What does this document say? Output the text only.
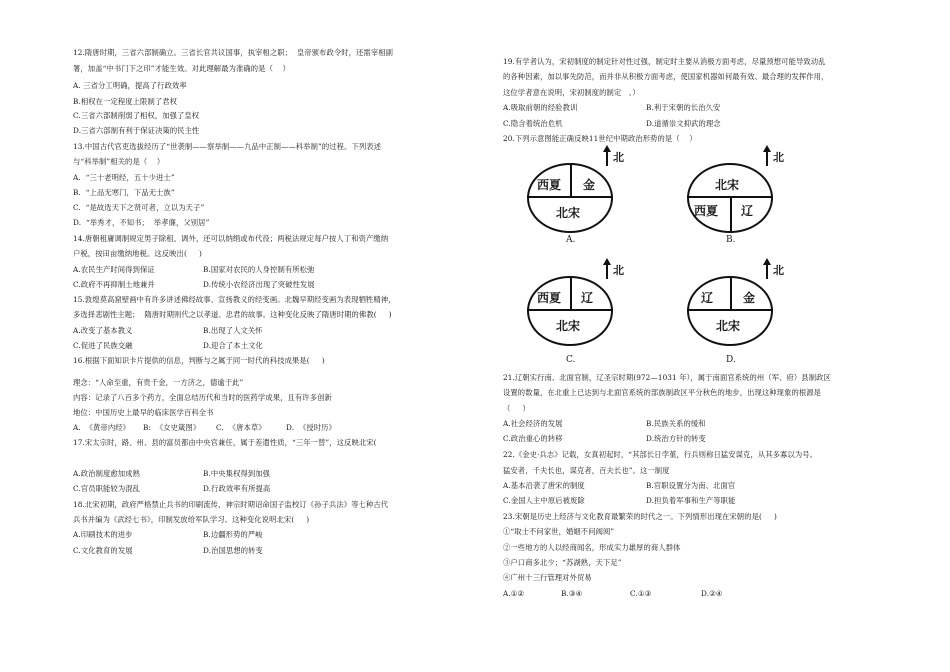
12.隋唐时期，三省六部制确立。三省长官共议国事，执宰相之职；  皇帝颁布政令时，还需宰相副
署，加盖“中书门下之印”才能生效。对此理解最为准确的是（    ）
A. 三省分工明确，提高了行政效率
B.相权在一定程度上限制了君权
C.三省六部制削弱了相权，加强了皇权
D.三省六部制有利于保证决策的民主性
13.中国古代官吏选拔经历了“世袭制——察举制——九品中正制——科举制”的过程。下列表述
与“科举制”相关的是（    ）
A.  “三十老明经，五十少进士”
B.  “上品无寒门，下品无士族”
C.  “是故选天下之贤可者，立以为天子”
D.  “举秀才，不知书；  举孝廉，父别居”
14.唐朝租庸调制规定男子除租、调外，还可以纳绢或布代役；两税法规定每户按人丁和资产缴纳
户税，按田亩缴纳地税。这反映出(     )
A.农民生产时间得到保证	B.国家对农民的人身控制有所松弛
C.政府不再抑制土地兼并	D.传统小农经济出现了突破性发展
15.敦煌莫高窟壁画中有许多讲述佛经故事、宣扬教义的经变画。北魏早期经变画为表现牺牲精神，
多选择悲剧性主题；  隋唐时期则代之以孝道、忠君的故事。这种变化反映了隋唐时期的佛教(     )
A.改变了基本教义	B.出现了人文关怀
C.促进了民族交融	D.迎合了本土文化
16.根据下面知识卡片提供的信息，判断与之属于同一时代的科技成果是(     )
理念：“人命至重，有贵千金，一方济之，德逾于此”
内容：记录了八百多个药方，全面总结历代和当时的医药学成果，且有许多创新
地位：中国历史上最早的临床医学百科全书
A.  《黄帝内经》 B:  《女史箴图》 C.  《唐本草》	D.  《授时历》
17.宋太宗时，路、州、县的富员都由中央官兼任，属于差遣性质，“三年一替”，这反映北宋(
A.政治制度愈加成熟	B.中央集权得到加强
C.官员职能较为混乱	D.行政效率有所提高
18.北宋初期，政府严格禁止兵书的印刷流传，神宗时期诏命国子监校订《孙子兵法》等七种古代
兵书并编为《武经七书》，印制发放给军队学习。这种变化说明北宋(     )
A.印刷技术的进步	B.边疆形势的严峻
C.文化教育的发展	D.治国思想的转变
19.有学者认为，宋初制度的制定针对性过强，制定时主要从消极方面考虑，尽量预想可能导致动乱
的各种因素，加以事先防范，而并非从积极方面考虑，使国家机器如何最有效、最合理的发挥作用，
这位学者意在说明，宋初制度的制定   、）
A.吸取前朝的经验教训	B.利于宋朝的长治久安
C.隐含着统治危机	D.道循崇文抑武的理念
20.下列示意图能正确反映11世纪中期政治形势的是（    ）
21.辽朝实行南、北面官制，辽圣宗时期(972—1031 年），属于南面官系统的州（军、府）县制政区
设置的数量，在北重上已达到与北面官系统的部族制政区平分秋色的地步，出现这种现象的根源是
（     ）
A.社会经济的发展	B.民族关系的缓和
C.政治重心的转移	D.统治方针的转变
22.《金史·兵志》记载，女真初起时，“其部长日孛堇，行兵则称日猛安谋克，从其多寡以为号。
猛安者，千夫长也，谋克者，百夫长也”。这一制度
A.基本沿袭了唐宋的制度	B.官职设置分为南、北面官
C.金国人主中原后被废除	D.担负着军事和生产等职能
23.宋朝是历史上经济与文化教育最繁荣的时代之一。下列情形出现在宋朝的是(     )
①“取士不问家世，婚姻不问阀阅”
②一些地方的人以经商闻名，形成实力雄厚的商人群体
③户口商多北少；“苏湖熟，天下足”
④广州十三行管理对外贸易
A.①②	B.③④	C.①③	D.②④
北
西夏 金
北宋
A.
北
北宋
西夏 辽
B.
北
西夏 辽
北宋
C.
北
辽 金
北宋
D.
